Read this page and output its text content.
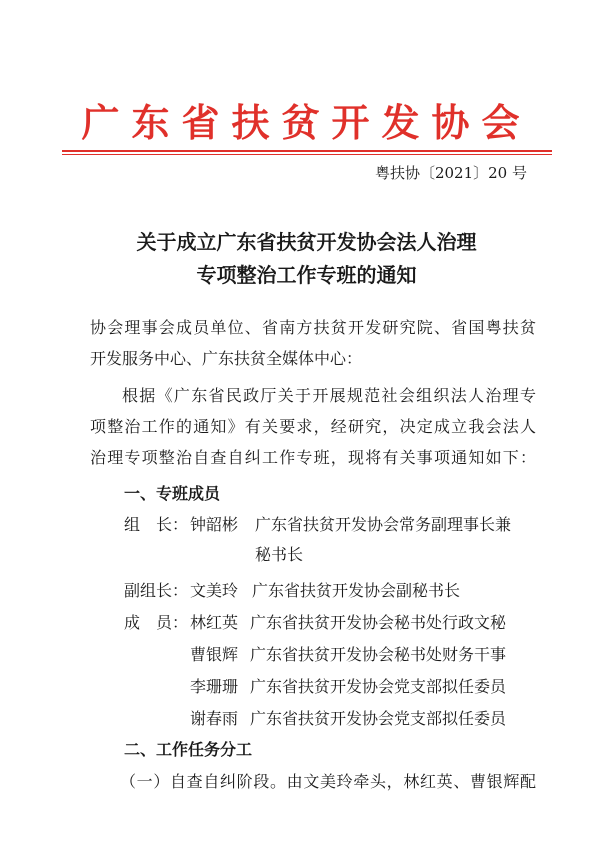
广东省扶贫开发协会
粤扶协〔2021〕20 号
关于成立广东省扶贫开发协会法人治理
专项整治工作专班的通知
协会理事会成员单位、省南方扶贫开发研究院、省国粤扶贫
开发服务中心、广东扶贫全媒体中心：
根据《广东省民政厅关于开展规范社会组织法人治理专
项整治工作的通知》有关要求，经研究，决定成立我会法人
治理专项整治自查自纠工作专班，现将有关事项通知如下：
一、专班成员
组　长： 钟韶彬 广东省扶贫开发协会常务副理事长兼
秘书长
副组长： 文美玲 广东省扶贫开发协会副秘书长
成　员： 林红英 广东省扶贫开发协会秘书处行政文秘
曹银辉 广东省扶贫开发协会秘书处财务干事
李珊珊 广东省扶贫开发协会党支部拟任委员
谢春雨 广东省扶贫开发协会党支部拟任委员
二、工作任务分工
（一）自查自纠阶段。由文美玲牵头，林红英、曹银辉配
